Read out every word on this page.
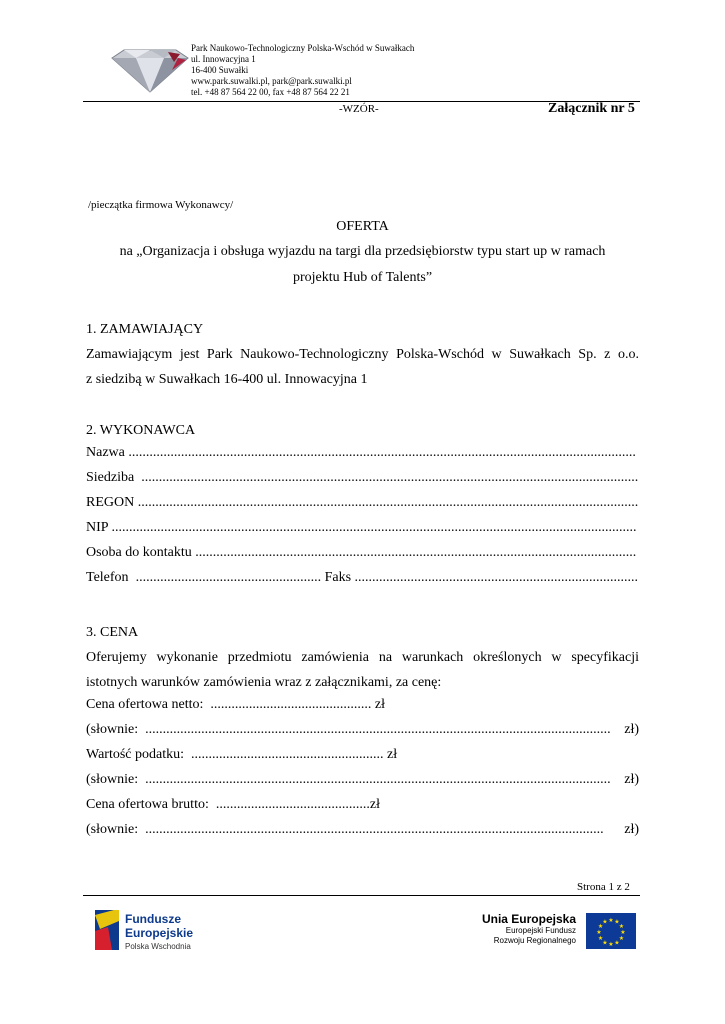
Park Naukowo-Technologiczny Polska-Wschód w Suwałkach
ul. Innowacyjna 1
16-400 Suwałki
www.park.suwalki.pl, park@park.suwalki.pl
tel. +48 87 564 22 00, fax +48 87 564 22 21
-WZÓR-	Załącznik nr 5
/pieczątka firmowa Wykonawcy/
OFERTA
na „Organizacja i obsługa wyjazdu na targi dla przedsiębiorstw typu start up w ramach
projektu Hub of Talents”
1. ZAMAWIAJĄCY
Zamawiającym jest Park Naukowo-Technologiczny Polska-Wschód w Suwałkach Sp. z o.o.
z siedzibą w Suwałkach 16-400 ul. Innowacyjna 1
2. WYKONAWCA
Nazwa .................................................................................................................................................
Siedziba ..............................................................................................................................................
REGON ...............................................................................................................................................
NIP ......................................................................................................................................................
Osoba do kontaktu ..............................................................................................................................
Telefon ..................................................... Faks .................................................................................
3. CENA
Oferujemy wykonanie przedmiotu zamówienia na warunkach określonych w specyfikacji
istotnych warunków zamówienia wraz z załącznikami, za cenę:
Cena ofertowa netto: .............................................. zł
(słownie: ..................................................................................................................................... zł)
Wartość podatku: ....................................................... zł
(słownie: ..................................................................................................................................... zł)
Cena ofertowa brutto: ............................................zł
(słownie: ................................................................................................................................... zł)
Strona 1 z 2
Fundusze
Europejskie
Polska Wschodnia
Unia Europejska
Europejski Fundusz
Rozwoju Regionalnego
★ ★
★
★
★
★
★
★
★
★
★
★
